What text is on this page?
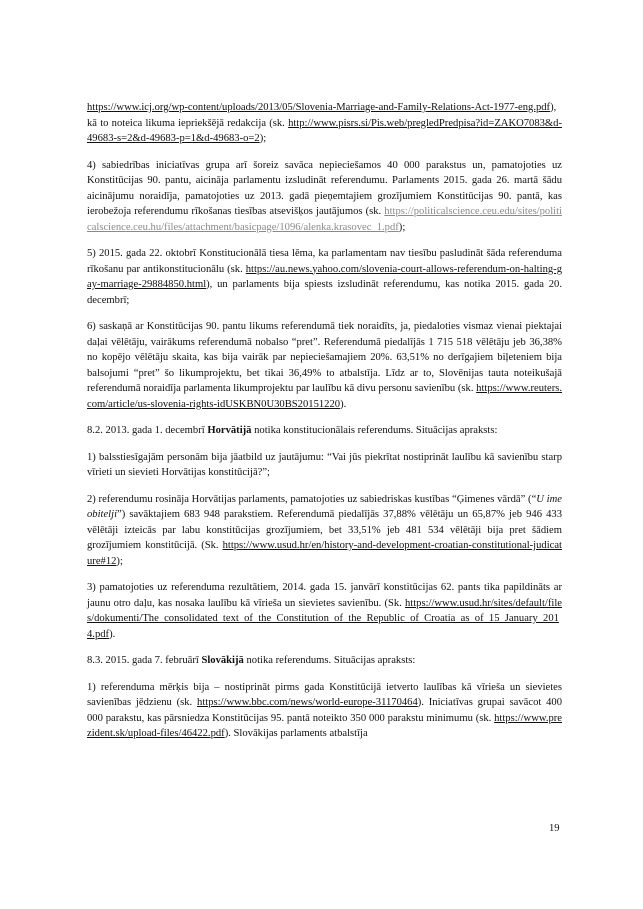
https://www.icj.org/wp-content/uploads/2013/05/Slovenia-Marriage-and-Family-Relations-Act-1977-eng.pdf), kā to noteica likuma iepriekšējā redakcija (sk. http://www.pisrs.si/Pis.web/pregledPredpisa?id=ZAKO7083&d-49683-s=2&d-49683-p=1&d-49683-o=2);

4) sabiedrības iniciatīvas grupa arī šoreiz savāca nepieciešamos 40 000 parakstus un, pamatojoties uz Konstitūcijas 90. pantu, aicināja parlamentu izsludināt referendumu. Parlaments 2015. gada 26. martā šādu aicinājumu noraidīja, pamatojoties uz 2013. gadā pieņemtajiem grozījumiem Konstitūcijas 90. pantā, kas ierobežoja referendumu rīkošanas tiesības atsevišķos jautājumos (sk. https://politicalscience.ceu.edu/sites/politicalscience.ceu.hu/files/attachment/basicpage/1096/alenka.krasovec_1.pdf);

5) 2015. gada 22. oktobrī Konstitucionālā tiesa lēma, ka parlamentam nav tiesību pasludināt šāda referenduma rīkošanu par antikonstitucionālu (sk. https://au.news.yahoo.com/slovenia-court-allows-referendum-on-halting-gay-marriage-29884850.html), un parlaments bija spiests izsludināt referendumu, kas notika 2015. gada 20. decembrī;

6) saskaņā ar Konstitūcijas 90. pantu likums referendumā tiek noraidīts, ja, piedaloties vismaz vienai piektajai daļai vēlētāju, vairākums referendumā nobalso “pret”. Referendumā piedalījās 1 715 518 vēlētāju jeb 36,38% no kopējo vēlētāju skaita, kas bija vairāk par nepieciešamajiem 20%. 63,51% no derīgajiem biļeteniem bija balsojumi “pret” šo likumprojektu, bet tikai 36,49% to atbalstīja. Līdz ar to, Slovēnijas tauta noteikušajā referendumā noraidīja parlamenta likumprojektu par laulību kā divu personu savienību (sk. https://www.reuters.com/article/us-slovenia-rights-idUSKBN0U30BS20151220).

8.2. 2013. gada 1. decembrī Horvātijā notika konstitucionālais referendums. Situācijas apraksts:

1) balsstiesīgajām personām bija jāatbild uz jautājumu: “Vai jūs piekrītat nostiprināt laulību kā savienību starp vīrieti un sievieti Horvātijas konstitūcijā?”;

2) referendumu rosināja Horvātijas parlaments, pamatojoties uz sabiedriskas kustības “Ģimenes vārdā” (“U ime obitelji”) savāktajiem 683 948 parakstiem. Referendumā piedalījās 37,88% vēlētāju un 65,87% jeb 946 433 vēlētāji izteicās par labu konstitūcijas grozījumiem, bet 33,51% jeb 481 534 vēlētāji bija pret šādiem grozījumiem konstitūcijā. (Sk. https://www.usud.hr/en/history-and-development-croatian-constitutional-judicature#12);

3) pamatojoties uz referenduma rezultātiem, 2014. gada 15. janvārī konstitūcijas 62. pants tika papildināts ar jaunu otro daļu, kas nosaka laulību kā vīrieša un sievietes savienību. (Sk. https://www.usud.hr/sites/default/files/dokumenti/The_consolidated_text_of_the_Constitution_of_the_Republic_of_Croatia_as_of_15_January_2014.pdf).

8.3. 2015. gada 7. februārī Slovākijā notika referendums. Situācijas apraksts:

1) referenduma mērķis bija – nostiprināt pirms gada Konstitūcijā ietverto laulības kā vīrieša un sievietes savienības jēdzienu (sk. https://www.bbc.com/news/world-europe-31170464). Iniciatīvas grupai savācot 400 000 parakstu, kas pārsniedza Konstitūcijas 95. pantā noteikto 350 000 parakstu minimumu (sk. https://www.prezident.sk/upload-files/46422.pdf). Slovākijas parlaments atbalstīja

19
